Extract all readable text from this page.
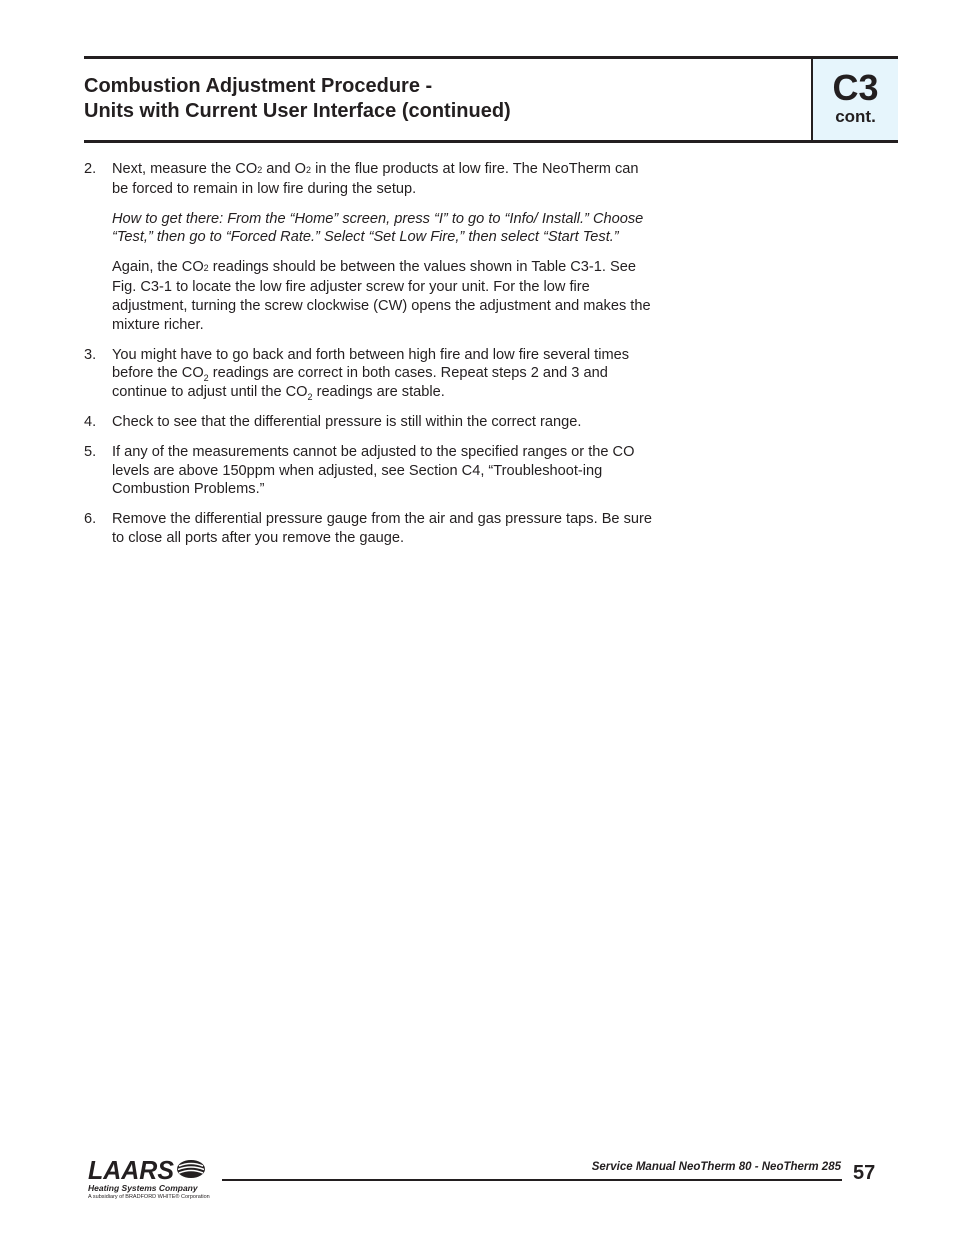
Combustion Adjustment Procedure -
Units with Current User Interface (continued)
C3
cont.
2. Next, measure the CO2 and O2 in the flue products at low fire. The NeoTherm can be forced to remain in low fire during the setup.

How to get there: From the “Home” screen, press “I” to go to “Info/ Install.” Choose “Test,” then go to “Forced Rate.” Select “Set Low Fire,” then select “Start Test.”

Again, the CO2 readings should be between the values shown in Table C3-1. See Fig. C3-1 to locate the low fire adjuster screw for your unit. For the low fire adjustment, turning the screw clockwise (CW) opens the adjustment and makes the mixture richer.

3. You might have to go back and forth between high fire and low fire several times before the $CO_2$ readings are correct in both cases. Repeat steps 2 and 3 and continue to adjust until the $CO_2$ readings are stable.

4. Check to see that the differential pressure is still within the correct range.

5. If any of the measurements cannot be adjusted to the specified ranges or the CO levels are above 150ppm when adjusted, see Section C4, “Troubleshoot-ing Combustion Problems.”

6. Remove the differential pressure gauge from the air and gas pressure taps. Be sure to close all ports after you remove the gauge.

LAARS
Heating Systems Company
A subsidiary of BRADFORD WHITE® Corporation
Service Manual NeoTherm 80 - NeoTherm 285 57
